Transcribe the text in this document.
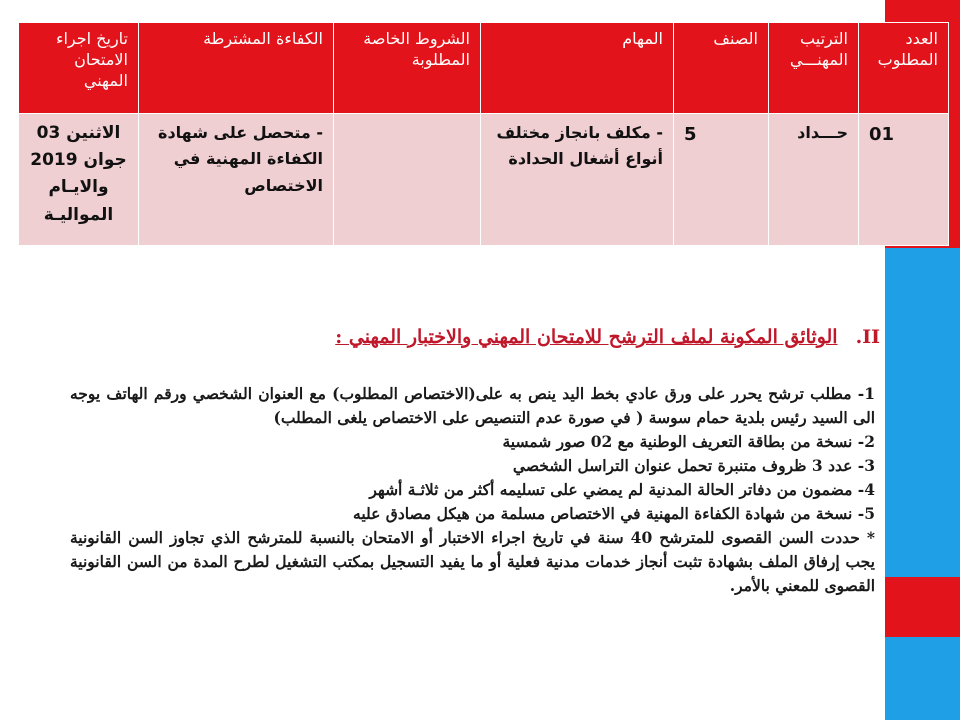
العدد المطلوب	الترتيب المهنـــي	الصنف	المهام	الشروط الخاصة المطلوبة	الكفاءة المشترطة	تاريخ اجراء الامتحان المهني
01	حـــداد	5	- مكلف بانجاز مختلف أنواع أشغال الحدادة		- متحصل على شهادة الكفاءة المهنية في الاختصاص	الاثنين 03 جوان 2019 والايـام المواليـة
II.الوثائق المكونة لملف الترشح للامتحان المهني والاختبار المهني :

1- مطلب ترشح يحرر على ورق عادي بخط اليد ينص به على(الاختصاص المطلوب) مع العنوان الشخصي ورقم الهاتف يوجه الى السيد رئيس بلدية حمام سوسة ( في صورة عدم التنصيص على الاختصاص يلغى المطلب)

2- نسخة من بطاقة التعريف الوطنية مع 02 صور شمسية

3- عدد 3 ظروف متنبرة تحمل عنوان التراسل الشخصي

4- مضمون من دفاتر الحالة المدنية لم يمضي على تسليمه أكثر من ثلاثـة أشهر

5- نسخة من شهادة الكفاءة المهنية في الاختصاص مسلمة من هيكل مصادق عليه

* حددت السن القصوى للمترشح 40 سنة في تاريخ اجراء الاختبار أو الامتحان بالنسبة للمترشح الذي تجاوز السن القانونية يجب إرفاق الملف بشهادة تثبت أنجاز خدمات مدنية فعلية أو ما يفيد التسجيل بمكتب التشغيل لطرح المدة من السن القانونية القصوى للمعني بالأمر.
